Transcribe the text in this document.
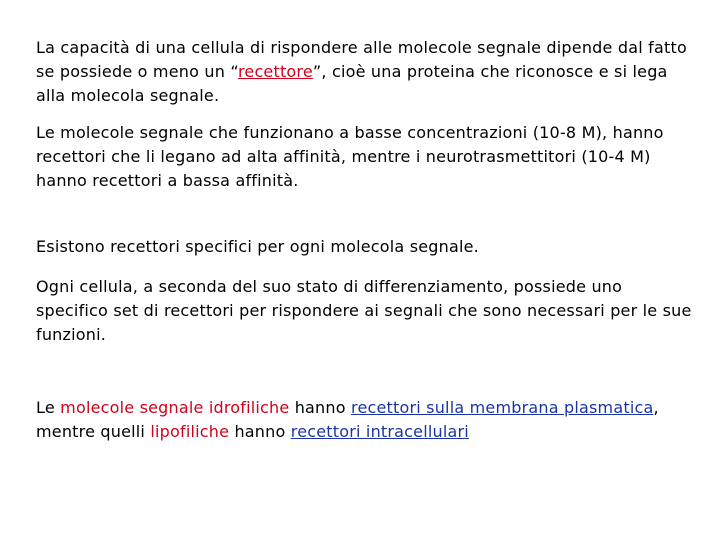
La capacità di una cellula di rispondere alle molecole segnale dipende dal fatto se possiede o meno un “recettore”, cioè una proteina che riconosce e si lega alla molecola segnale.

Le molecole segnale che funzionano a basse concentrazioni (10-8 M), hanno recettori che li legano ad alta affinità, mentre i neurotrasmettitori (10-4 M) hanno recettori a bassa affinità.

Esistono recettori specifici per ogni molecola segnale.

Ogni cellula, a seconda del suo stato di differenziamento, possiede uno specifico set di recettori per rispondere ai segnali che sono necessari per le sue funzioni.

Le molecole segnale idrofiliche hanno recettori sulla membrana plasmatica, mentre quelli lipofiliche hanno recettori intracellulari
